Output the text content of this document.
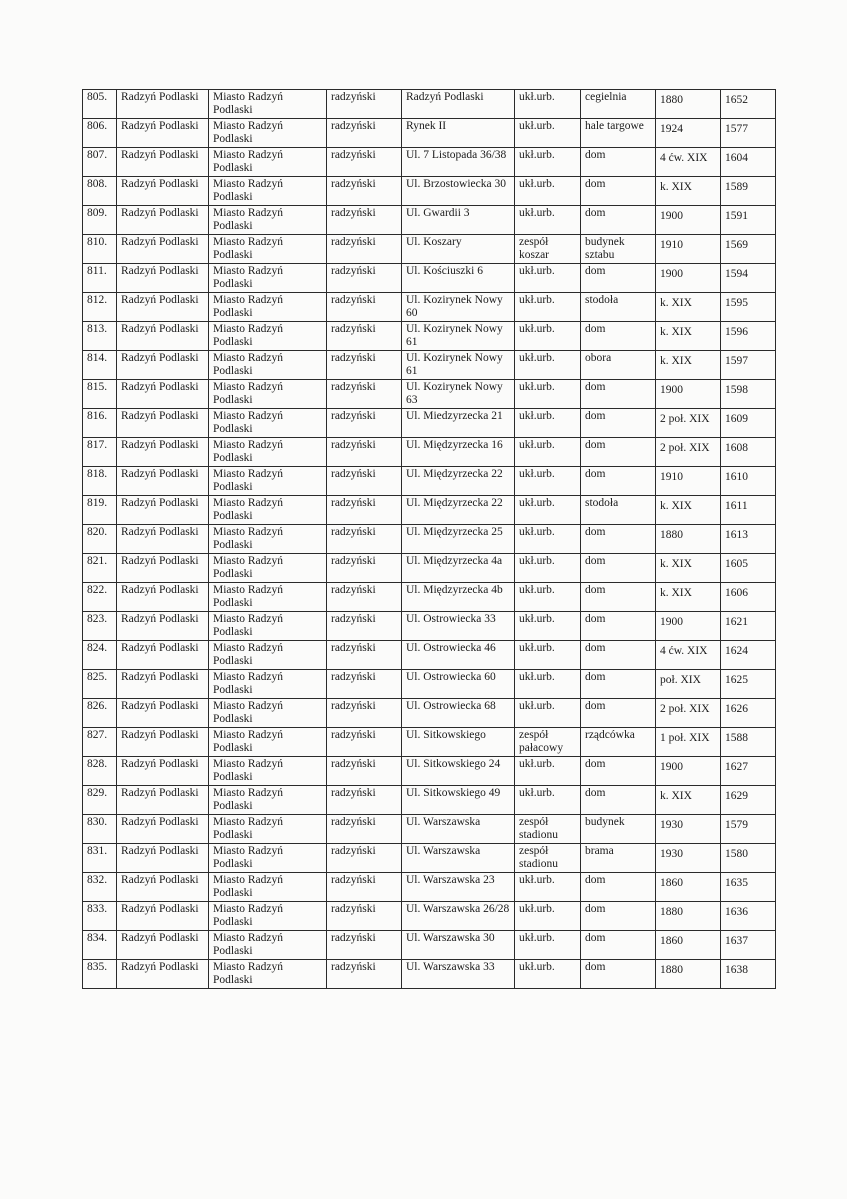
805.	Radzyń Podlaski	Miasto Radzyń Podlaski	radzyński	Radzyń Podlaski	ukł.urb.	cegielnia	1880	1652
806.	Radzyń Podlaski	Miasto Radzyń Podlaski	radzyński	Rynek II	ukł.urb.	hale targowe	1924	1577
807.	Radzyń Podlaski	Miasto Radzyń Podlaski	radzyński	Ul. 7 Listopada 36/38	ukł.urb.	dom	4 ćw. XIX	1604
808.	Radzyń Podlaski	Miasto Radzyń Podlaski	radzyński	Ul. Brzostowiecka 30	ukł.urb.	dom	k. XIX	1589
809.	Radzyń Podlaski	Miasto Radzyń Podlaski	radzyński	Ul. Gwardii 3	ukł.urb.	dom	1900	1591
810.	Radzyń Podlaski	Miasto Radzyń Podlaski	radzyński	Ul. Koszary	zespół koszar	budynek sztabu	1910	1569
811.	Radzyń Podlaski	Miasto Radzyń Podlaski	radzyński	Ul. Kościuszki 6	ukł.urb.	dom	1900	1594
812.	Radzyń Podlaski	Miasto Radzyń Podlaski	radzyński	Ul. Kozirynek Nowy 60	ukł.urb.	stodoła	k. XIX	1595
813.	Radzyń Podlaski	Miasto Radzyń Podlaski	radzyński	Ul. Kozirynek Nowy 61	ukł.urb.	dom	k. XIX	1596
814.	Radzyń Podlaski	Miasto Radzyń Podlaski	radzyński	Ul. Kozirynek Nowy 61	ukł.urb.	obora	k. XIX	1597
815.	Radzyń Podlaski	Miasto Radzyń Podlaski	radzyński	Ul. Kozirynek Nowy 63	ukł.urb.	dom	1900	1598
816.	Radzyń Podlaski	Miasto Radzyń Podlaski	radzyński	Ul. Miedzyrzecka 21	ukł.urb.	dom	2 poł. XIX	1609
817.	Radzyń Podlaski	Miasto Radzyń Podlaski	radzyński	Ul. Międzyrzecka 16	ukł.urb.	dom	2 poł. XIX	1608
818.	Radzyń Podlaski	Miasto Radzyń Podlaski	radzyński	Ul. Międzyrzecka 22	ukł.urb.	dom	1910	1610
819.	Radzyń Podlaski	Miasto Radzyń Podlaski	radzyński	Ul. Międzyrzecka 22	ukł.urb.	stodoła	k. XIX	1611
820.	Radzyń Podlaski	Miasto Radzyń Podlaski	radzyński	Ul. Międzyrzecka 25	ukł.urb.	dom	1880	1613
821.	Radzyń Podlaski	Miasto Radzyń Podlaski	radzyński	Ul. Międzyrzecka 4a	ukł.urb.	dom	k. XIX	1605
822.	Radzyń Podlaski	Miasto Radzyń Podlaski	radzyński	Ul. Międzyrzecka 4b	ukł.urb.	dom	k. XIX	1606
823.	Radzyń Podlaski	Miasto Radzyń Podlaski	radzyński	Ul. Ostrowiecka 33	ukł.urb.	dom	1900	1621
824.	Radzyń Podlaski	Miasto Radzyń Podlaski	radzyński	Ul. Ostrowiecka 46	ukł.urb.	dom	4 ćw. XIX	1624
825.	Radzyń Podlaski	Miasto Radzyń Podlaski	radzyński	Ul. Ostrowiecka 60	ukł.urb.	dom	poł. XIX	1625
826.	Radzyń Podlaski	Miasto Radzyń Podlaski	radzyński	Ul. Ostrowiecka 68	ukł.urb.	dom	2 poł. XIX	1626
827.	Radzyń Podlaski	Miasto Radzyń Podlaski	radzyński	Ul. Sitkowskiego	zespół pałacowy	rządcówka	1 poł. XIX	1588
828.	Radzyń Podlaski	Miasto Radzyń Podlaski	radzyński	Ul. Sitkowskiego 24	ukł.urb.	dom	1900	1627
829.	Radzyń Podlaski	Miasto Radzyń Podlaski	radzyński	Ul. Sitkowskiego 49	ukł.urb.	dom	k. XIX	1629
830.	Radzyń Podlaski	Miasto Radzyń Podlaski	radzyński	Ul. Warszawska	zespół stadionu	budynek	1930	1579
831.	Radzyń Podlaski	Miasto Radzyń Podlaski	radzyński	Ul. Warszawska	zespół stadionu	brama	1930	1580
832.	Radzyń Podlaski	Miasto Radzyń Podlaski	radzyński	Ul. Warszawska 23	ukł.urb.	dom	1860	1635
833.	Radzyń Podlaski	Miasto Radzyń Podlaski	radzyński	Ul. Warszawska 26/28	ukł.urb.	dom	1880	1636
834.	Radzyń Podlaski	Miasto Radzyń Podlaski	radzyński	Ul. Warszawska 30	ukł.urb.	dom	1860	1637
835.	Radzyń Podlaski	Miasto Radzyń Podlaski	radzyński	Ul. Warszawska 33	ukł.urb.	dom	1880	1638
